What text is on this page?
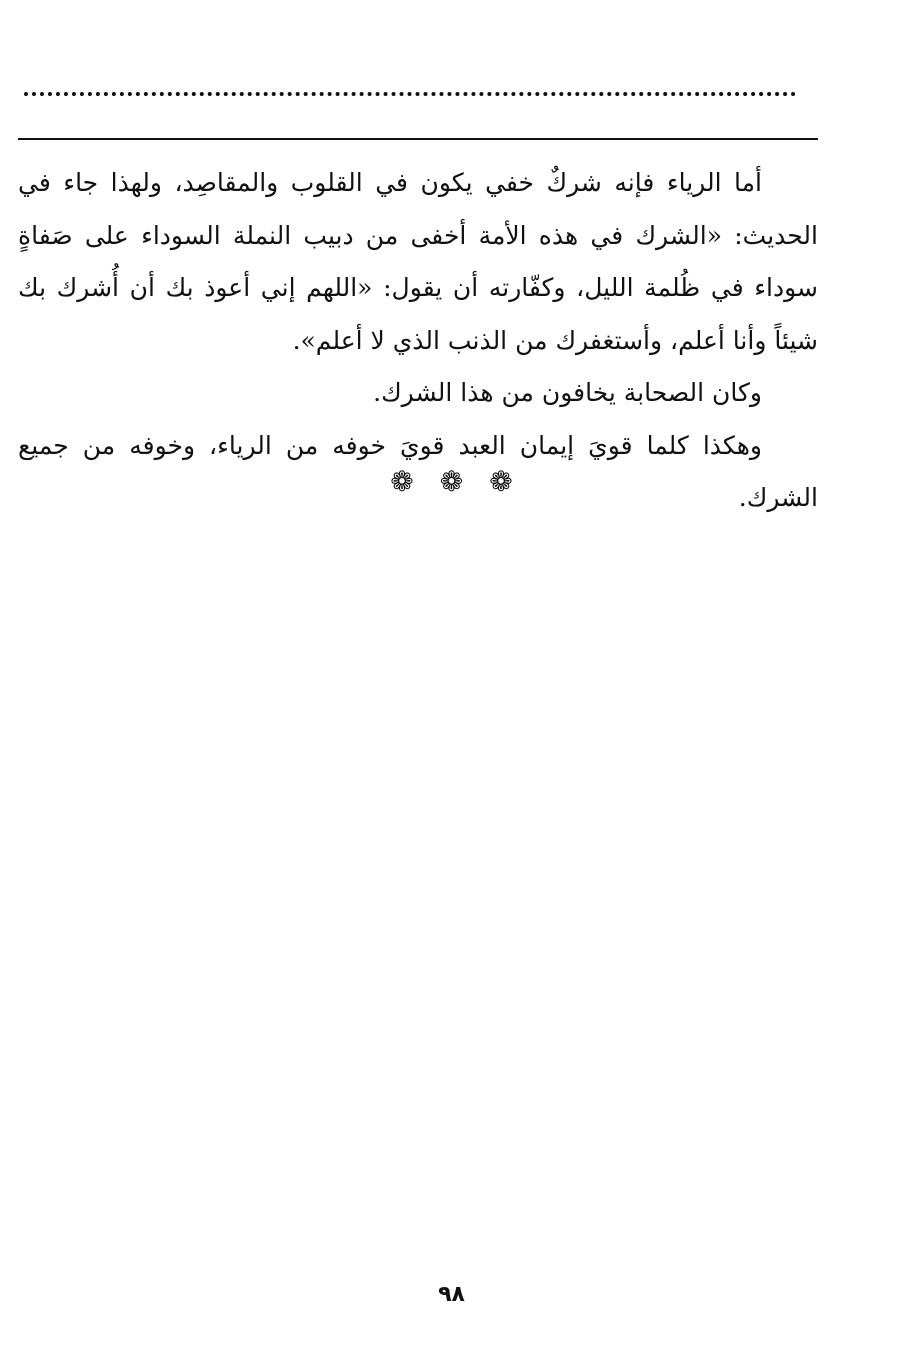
أما الرياء فإنه شركٌ خفي يكون في القلوب والمقاصِد، ولهذا جاء في الحديث: «الشرك في هذه الأمة أخفى من دبيب النملة السوداء على صَفاةٍ سوداء في ظُلمة الليل، وكفّارته أن يقول: «اللهم إني أعوذ بك أن أُشرك بك شيئاً وأنا أعلم، وأستغفرك من الذنب الذي لا أعلم».

وكان الصحابة يخافون من هذا الشرك.

وهكذا كلما قويَ إيمان العبد قويَ خوفه من الرياء، وخوفه من جميع الشرك.

❁ ❁ ❁
٩٨
